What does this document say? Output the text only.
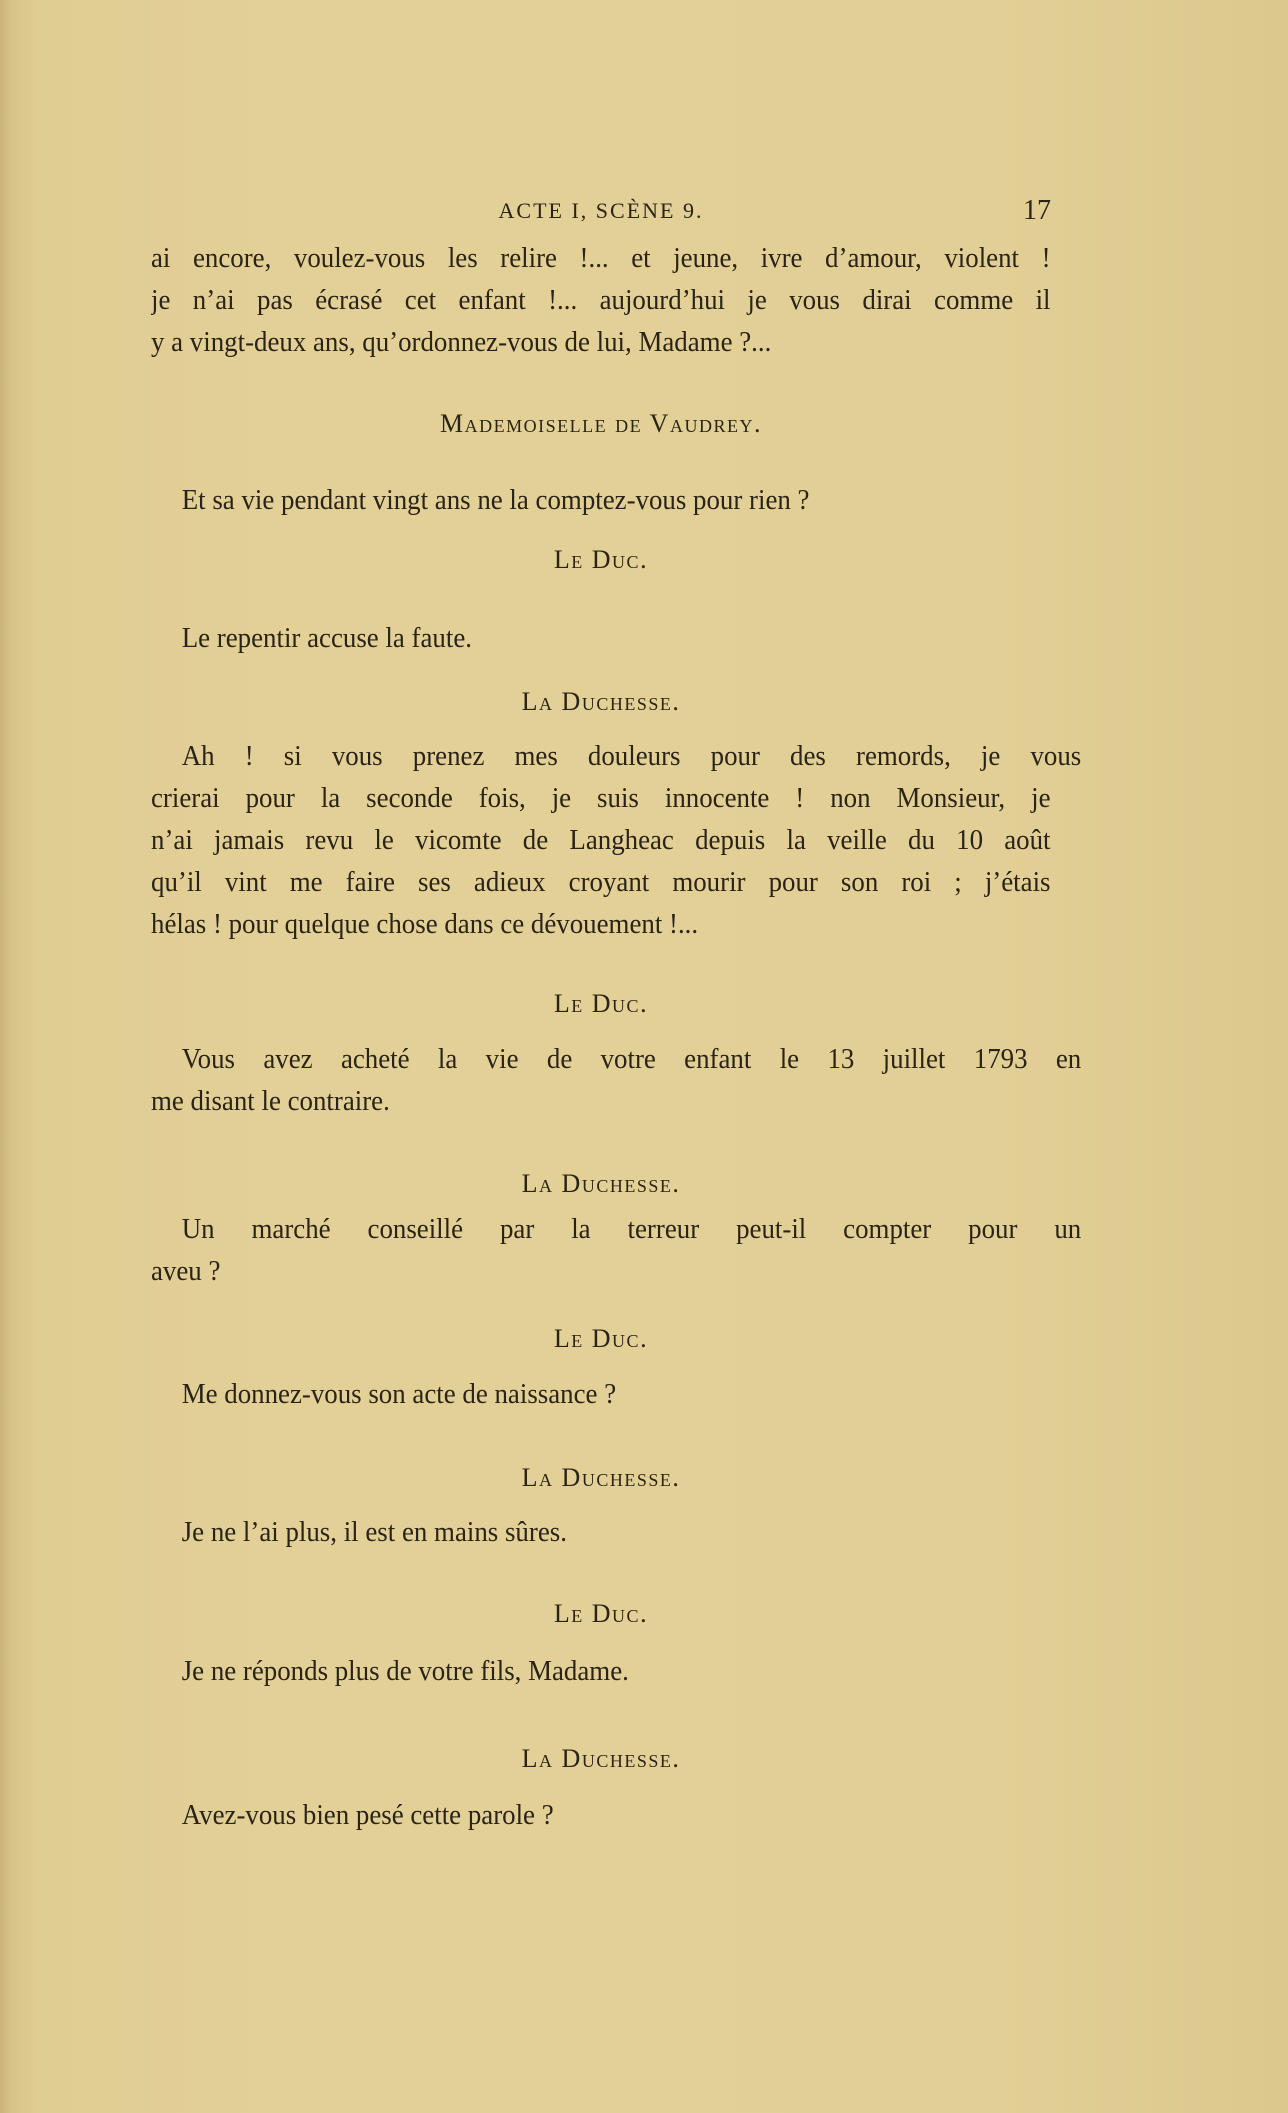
ACTE I, SCÈNE 9.	17
ai encore, voulez-vous les relire !... et jeune, ivre d’amour, violent !
je n’ai pas écrasé cet enfant !... aujourd’hui je vous dirai comme il
y a vingt-deux ans, qu’ordonnez-vous de lui, Madame ?...
Mademoiselle de Vaudrey.
Et sa vie pendant vingt ans ne la comptez-vous pour rien ?
Le Duc.
Le repentir accuse la faute.
La Duchesse.
Ah ! si vous prenez mes douleurs pour des remords, je vous
crierai pour la seconde fois, je suis innocente ! non Monsieur, je
n’ai jamais revu le vicomte de Langheac depuis la veille du 10 août
qu’il vint me faire ses adieux croyant mourir pour son roi ; j’étais
hélas ! pour quelque chose dans ce dévouement !...
Le Duc.
Vous avez acheté la vie de votre enfant le 13 juillet 1793 en
me disant le contraire.
La Duchesse.
Un marché conseillé par la terreur peut-il compter pour un
aveu ?
Le Duc.
Me donnez-vous son acte de naissance ?
La Duchesse.
Je ne l’ai plus, il est en mains sûres.
Le Duc.
Je ne réponds plus de votre fils, Madame.
La Duchesse.
Avez-vous bien pesé cette parole ?
